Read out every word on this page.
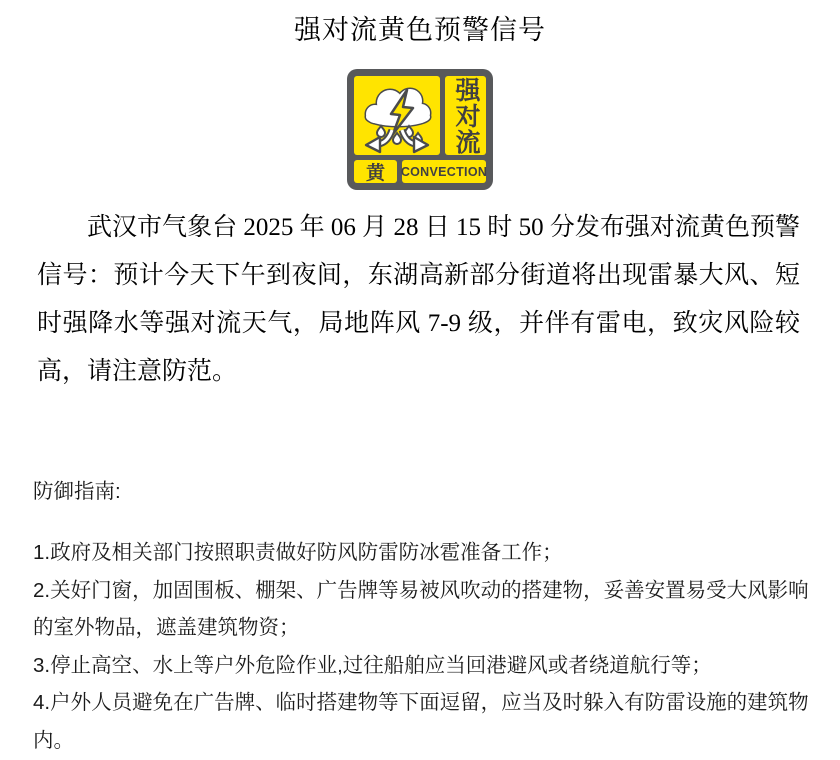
强对流黄色预警信号
强对流
黄	CONVECTION

武汉市气象台 2025 年 06 月 28 日 15 时 50 分发布强对流黄色预警信号：预计今天下午到夜间，东湖高新部分街道将出现雷暴大风、短时强降水等强对流天气，局地阵风 7-9 级，并伴有雷电，致灾风险较高，请注意防范。

防御指南:

1.政府及相关部门按照职责做好防风防雷防冰雹准备工作；

2.关好门窗，加固围板、棚架、广告牌等易被风吹动的搭建物，妥善安置易受大风影响的室外物品，遮盖建筑物资；

3.停止高空、水上等户外危险作业,过往船舶应当回港避风或者绕道航行等；

4.户外人员避免在广告牌、临时搭建物等下面逗留，应当及时躲入有防雷设施的建筑物内。
